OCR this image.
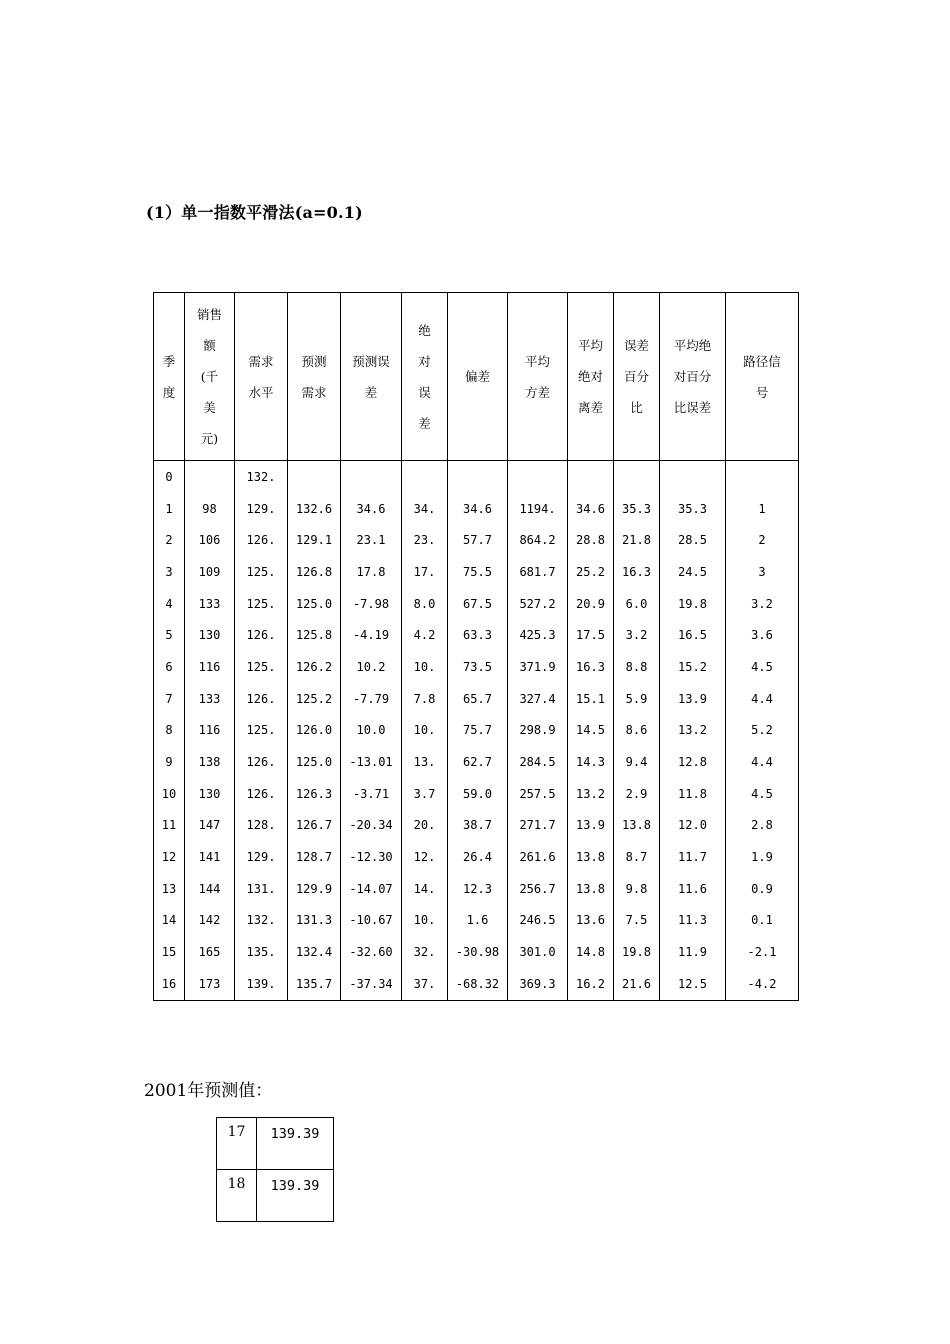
(1）单一指数平滑法(a=0.1)
季
度	销售
额
(千
美
元)	需求
水平	预测
需求	预测误
差	绝
对
误
差	偏差	平均
方差	平均
绝对
离差	误差
百分
比	平均绝
对百分
比误差	路径信
号

0		132.									

1	98	129.	132.6	34.6	34.	34.6	1194.	34.6	35.3	35.3	1

2	106	126.	129.1	23.1	23.	57.7	864.2	28.8	21.8	28.5	2

3	109	125.	126.8	17.8	17.	75.5	681.7	25.2	16.3	24.5	3

4	133	125.	125.0	-7.98	8.0	67.5	527.2	20.9	6.0	19.8	3.2

5	130	126.	125.8	-4.19	4.2	63.3	425.3	17.5	3.2	16.5	3.6

6	116	125.	126.2	10.2	10.	73.5	371.9	16.3	8.8	15.2	4.5

7	133	126.	125.2	-7.79	7.8	65.7	327.4	15.1	5.9	13.9	4.4

8	116	125.	126.0	10.0	10.	75.7	298.9	14.5	8.6	13.2	5.2

9	138	126.	125.0	-13.01	13.	62.7	284.5	14.3	9.4	12.8	4.4

10	130	126.	126.3	-3.71	3.7	59.0	257.5	13.2	2.9	11.8	4.5

11	147	128.	126.7	-20.34	20.	38.7	271.7	13.9	13.8	12.0	2.8

12	141	129.	128.7	-12.30	12.	26.4	261.6	13.8	8.7	11.7	1.9

13	144	131.	129.9	-14.07	14.	12.3	256.7	13.8	9.8	11.6	0.9

14	142	132.	131.3	-10.67	10.	1.6	246.5	13.6	7.5	11.3	0.1

15	165	135.	132.4	-32.60	32.	-30.98	301.0	14.8	19.8	11.9	-2.1

16	173	139.	135.7	-37.34	37.	-68.32	369.3	16.2	21.6	12.5	-4.2
2001年预测值：
17	139.39
18	139.39
